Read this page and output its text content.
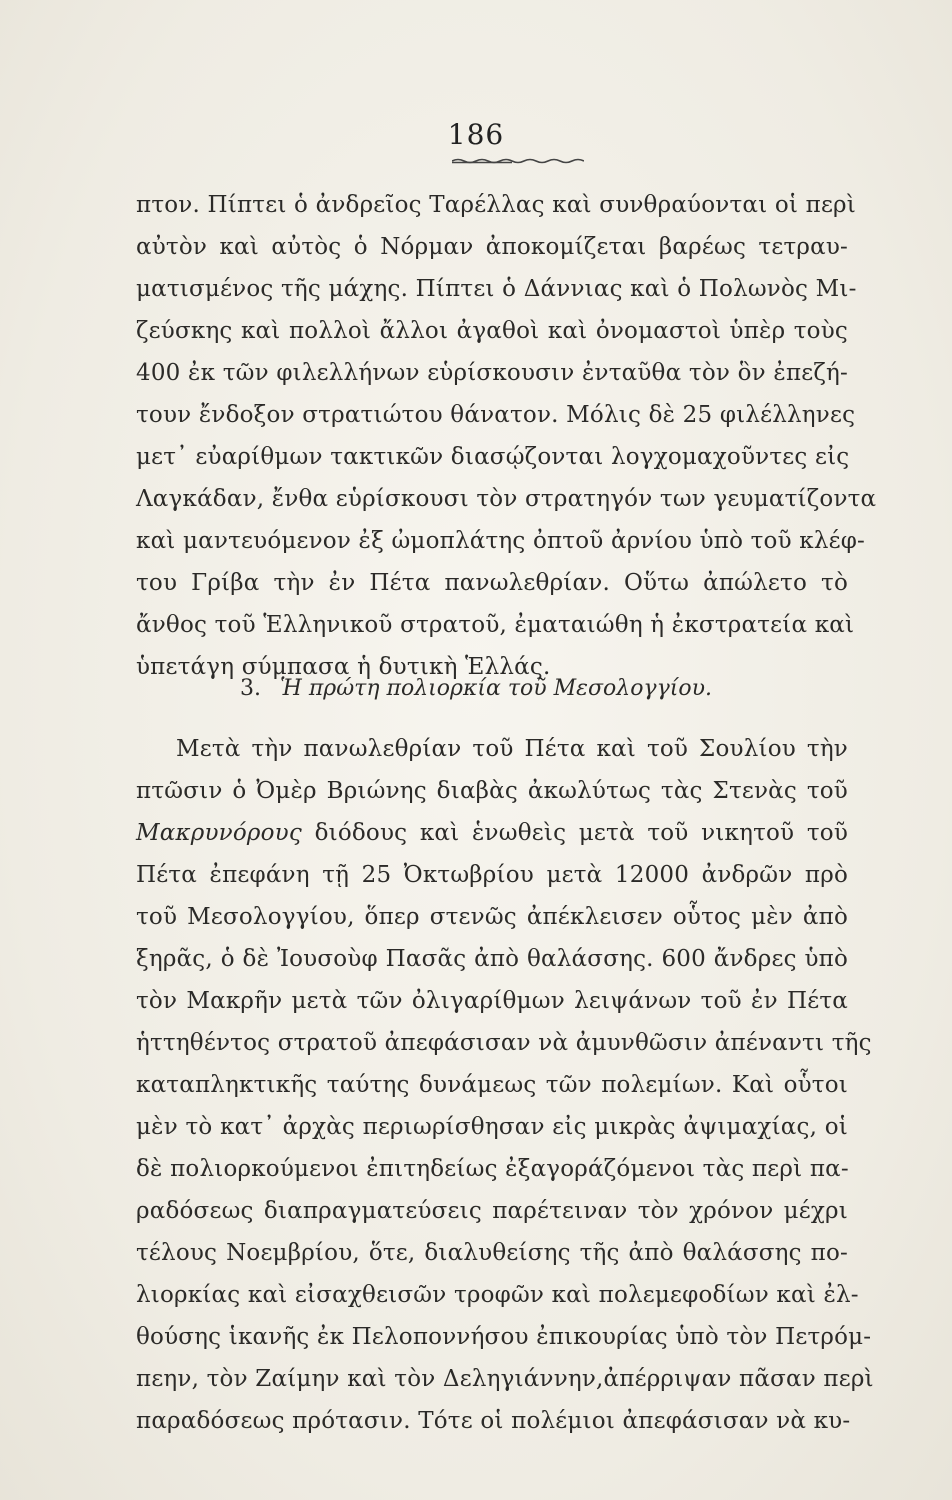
186
πτον. Πίπτει ὁ ἀνδρεῖος Ταρέλλας καὶ συνθραύονται οἱ περὶ
αὐτὸν καὶ αὐτὸς ὁ Νόρμαν ἀποκομίζεται βαρέως τετραυ-
ματισμένος τῆς μάχης. Πίπτει ὁ Δάννιας καὶ ὁ Πολωνὸς Μι-
ζεύσκης καὶ πολλοὶ ἄλλοι ἀγαθοὶ καὶ ὀνομαστοὶ ὑπὲρ τοὺς
400 ἐκ τῶν φιλελλήνων εὑρίσκουσιν ἐνταῦθα τὸν ὃν ἐπεζή-
τουν ἔνδοξον στρατιώτου θάνατον. Μόλις δὲ 25 φιλέλληνες
μετ᾽ εὐαρίθμων τακτικῶν διασῴζονται λογχομαχοῦντες εἰς
Λαγκάδαν, ἔνθα εὑρίσκουσι τὸν στρατηγόν των γευματίζοντα
καὶ μαντευόμενον ἐξ ὠμοπλάτης ὀπτοῦ ἀρνίου ὑπὸ τοῦ κλέφ-
του Γρίβα τὴν ἐν Πέτα πανωλεθρίαν. Οὕτω ἀπώλετο τὸ
ἄνθος τοῦ Ἑλληνικοῦ στρατοῦ, ἐματαιώθη ἡ ἐκστρατεία καὶ
ὑπετάγη σύμπασα ἡ δυτικὴ Ἑλλάς.
3. Ἡ πρώτη πολιορκία τοῦ Μεσολογγίου.
Μετὰ τὴν πανωλεθρίαν τοῦ Πέτα καὶ τοῦ Σουλίου τὴν
πτῶσιν ὁ Ὀμὲρ Βριώνης διαβὰς ἀκωλύτως τὰς Στενὰς τοῦ
Μακρυνόρους διόδους καὶ ἑνωθεὶς μετὰ τοῦ νικητοῦ τοῦ
Πέτα ἐπεφάνη τῇ 25 Ὀκτωβρίου μετὰ 12000 ἀνδρῶν πρὸ
τοῦ Μεσολογγίου, ὅπερ στενῶς ἀπέκλεισεν οὗτος μὲν ἀπὸ
ξηρᾶς, ὁ δὲ Ἰουσοὺφ Πασᾶς ἀπὸ θαλάσσης. 600 ἄνδρες ὑπὸ
τὸν Μακρῆν μετὰ τῶν ὀλιγαρίθμων λειψάνων τοῦ ἐν Πέτα
ἡττηθέντος στρατοῦ ἀπεφάσισαν νὰ ἀμυνθῶσιν ἀπέναντι τῆς
καταπληκτικῆς ταύτης δυνάμεως τῶν πολεμίων. Καὶ οὗτοι
μὲν τὸ κατ᾽ ἀρχὰς περιωρίσθησαν εἰς μικρὰς ἀψιμαχίας, οἱ
δὲ πολιορκούμενοι ἐπιτηδείως ἐξαγοράζόμενοι τὰς περὶ πα-
ραδόσεως διαπραγματεύσεις παρέτειναν τὸν χρόνον μέχρι
τέλους Νοεμβρίου, ὅτε, διαλυθείσης τῆς ἀπὸ θαλάσσης πο-
λιορκίας καὶ εἰσαχθεισῶν τροφῶν καὶ πολεμεφοδίων καὶ ἐλ-
θούσης ἱκανῆς ἐκ Πελοποννήσου ἐπικουρίας ὑπὸ τὸν Πετρόμ-
πεην, τὸν Ζαίμην καὶ τὸν Δεληγιάννην,ἀπέρριψαν πᾶσαν περὶ
παραδόσεως πρότασιν. Τότε οἱ πολέμιοι ἀπεφάσισαν νὰ κυ-
